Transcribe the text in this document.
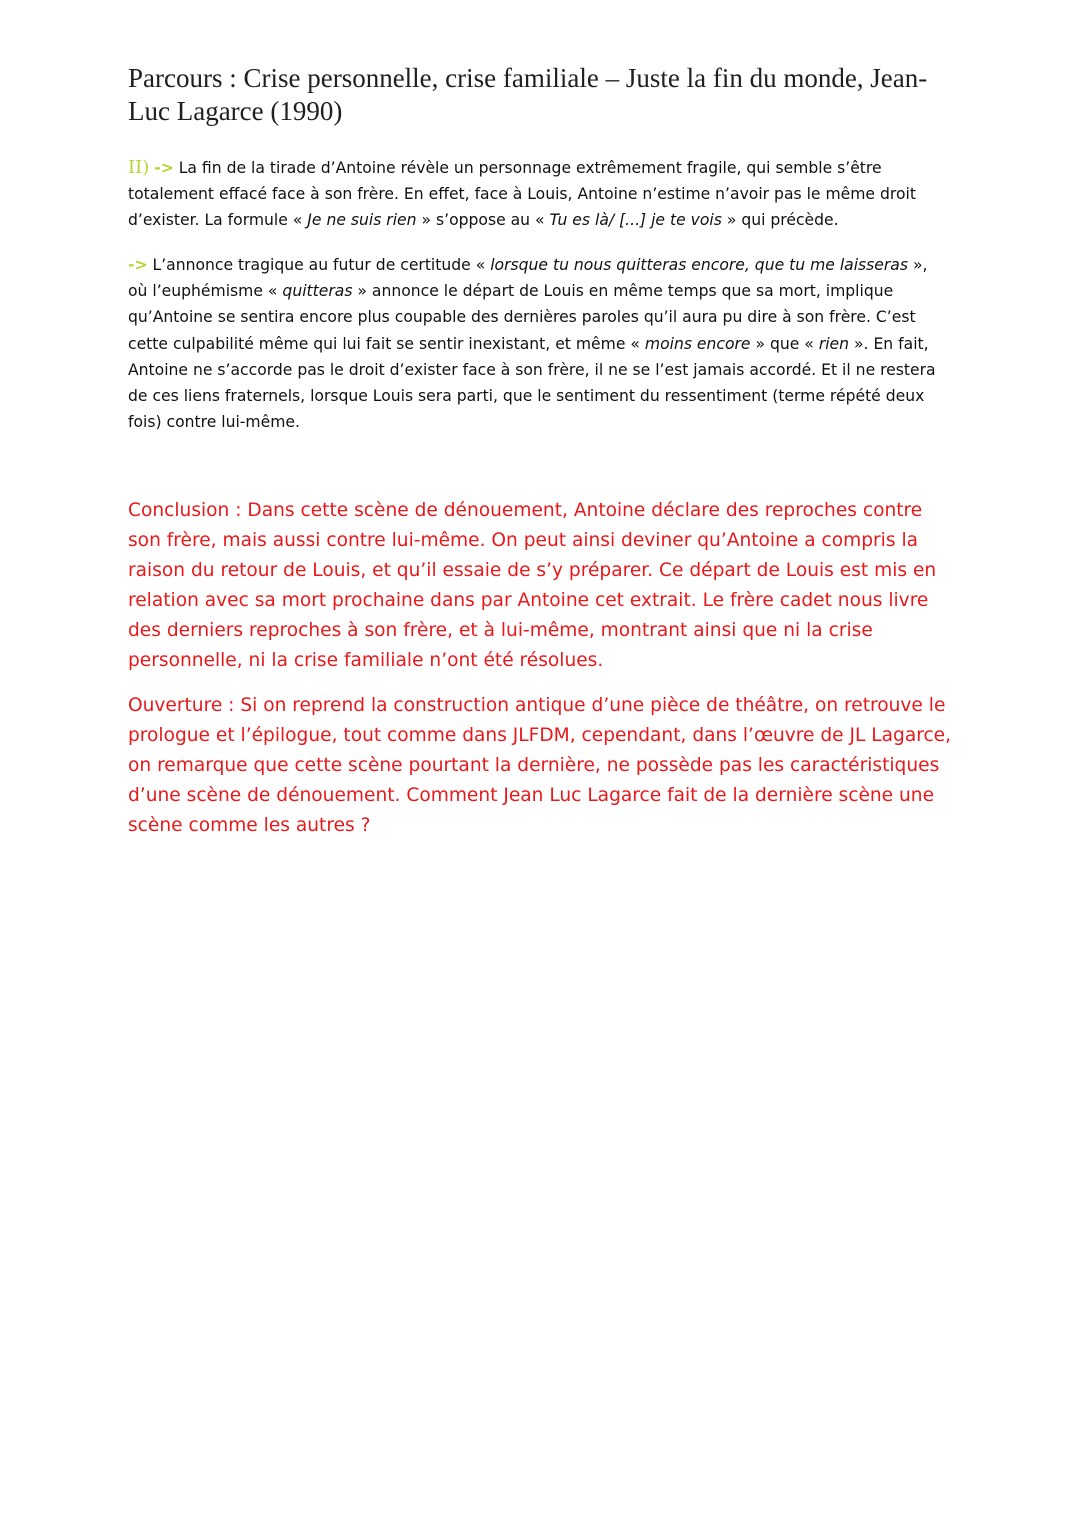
Parcours : Crise personnelle, crise familiale – Juste la fin du monde, Jean-Luc Lagarce (1990)

II) -> La fin de la tirade d’Antoine révèle un personnage extrêmement fragile, qui semble s’être totalement effacé face à son frère. En effet, face à Louis, Antoine n’estime n’avoir pas le même droit d’exister. La formule « Je ne suis rien » s’oppose au « Tu es là/ [...] je te vois » qui précède.

-> L’annonce tragique au futur de certitude « lorsque tu nous quitteras encore, que tu me laisseras », où l’euphémisme « quitteras » annonce le départ de Louis en même temps que sa mort, implique qu’Antoine se sentira encore plus coupable des dernières paroles qu’il aura pu dire à son frère. C’est cette culpabilité même qui lui fait se sentir inexistant, et même « moins encore » que « rien ». En fait, Antoine ne s’accorde pas le droit d’exister face à son frère, il ne se l’est jamais accordé. Et il ne restera de ces liens fraternels, lorsque Louis sera parti, que le sentiment du ressentiment (terme répété deux fois) contre lui-même.

Conclusion : Dans cette scène de dénouement, Antoine déclare des reproches contre son frère, mais aussi contre lui-même. On peut ainsi deviner qu’Antoine a compris la raison du retour de Louis, et qu’il essaie de s’y préparer. Ce départ de Louis est mis en relation avec sa mort prochaine dans par Antoine cet extrait. Le frère cadet nous livre des derniers reproches à son frère, et à lui-même, montrant ainsi que ni la crise personnelle, ni la crise familiale n’ont été résolues.

Ouverture : Si on reprend la construction antique d’une pièce de théâtre, on retrouve le prologue et l’épilogue, tout comme dans JLFDM, cependant, dans l’œuvre de JL Lagarce, on remarque que cette scène pourtant la dernière, ne possède pas les caractéristiques d’une scène de dénouement. Comment Jean Luc Lagarce fait de la dernière scène une scène comme les autres ?
